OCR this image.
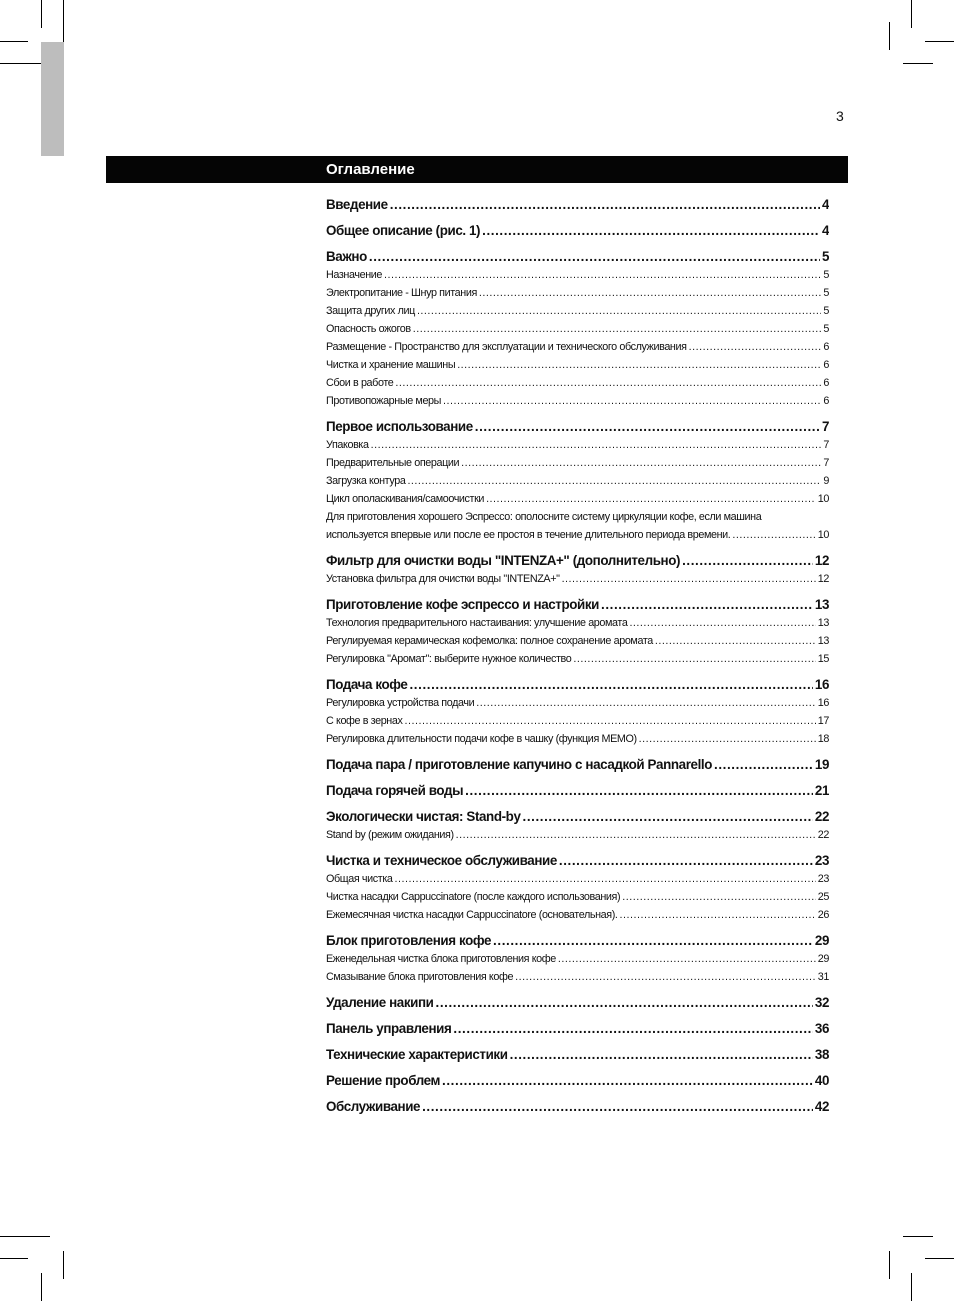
3
Оглавление
Введение .....	4
Общее описание (рис. 1) .....	4
Важно .....	5
Назначение .....	5
Электропитание - Шнур питания .....	5
Защита других лиц .....	5
Опасность ожогов .....	5
Размещение - Пространство для эксплуатации и технического обслуживания .....	6
Чистка и хранение машины .....	6
Сбои в работе .....	6
Противопожарные меры .....	6
Первое использование .....	7
Упаковка .....	7
Предварительные операции .....	7
Загрузка контура .....	9
Цикл ополаскивания/самоочистки .....	10
Для приготовления хорошего Эспрессо: ополосните систему циркуляции кофе, если машина
используется впервые или после ее простоя в течение длительного периода времени. .....	10
Фильтр для очистки воды "INTENZA+" (дополнительно) .....	12
Установка фильтра для очистки воды "INTENZA+" .....	12
Приготовление кофе эспрессо и настройки .....	13
Технология предварительного настаивания: улучшение аромата .....	13
Регулируемая керамическая кофемолка: полное сохранение аромата .....	13
Регулировка "Аромат": выберите нужное количество .....	15
Подача кофе .....	16
Регулировка устройства подачи .....	16
С кофе в зернах .....	17
Регулировка длительности подачи кофе в чашку (функция MEMO) .....	18
Подача пара / приготовление капучино с насадкой Pannarello .....	19
Подача горячей воды .....	21
Экологически чистая: Stand-by .....	22
Stand by (режим ожидания) .....	22
Чистка и техническое обслуживание .....	23
Общая чистка .....	23
Чистка насадки Cappuccinatore (после каждого использования) .....	25
Ежемесячная чистка насадки Cappuccinatore (основательная). .....	26
Блок приготовления кофе .....	29
Еженедельная чистка блока приготовления кофе .....	29
Смазывание блока приготовления кофе .....	31
Удаление накипи .....	32
Панель управления .....	36
Технические характеристики .....	38
Решение проблем .....	40
Обслуживание .....	42
